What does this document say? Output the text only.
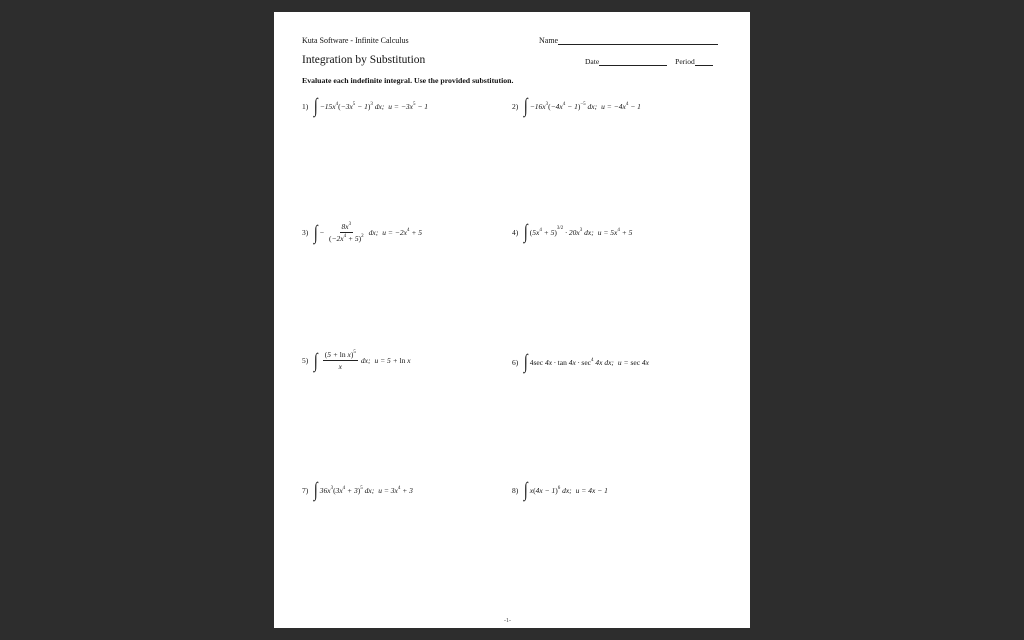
Kuta Software - Infinite Calculus	Name
Integration by Substitution	Date	Period
Evaluate each indefinite integral. Use the provided substitution.
1) ∫ $-15x^4(-3x^5 - 1)^3$ dx; $u = -3x^5 - 1$	2) ∫ $-16x^3(-4x^4 - 1)^{-5}$ dx; $u = -4x^4 - 1$
3) ∫ − $\frac{8x^3}{(-2x^4 + 5)^2}$ dx; $u = -2x^4 + 5$	4) ∫ $(5x^4 + 5)^{3/2} \cdot 20x^3$ dx; $u = 5x^4 + 5$
5) ∫ $\frac{(5 + \ln x)^5}{x}$ dx; u = 5 + ln x	6) ∫ 4sec $4x \cdot \tan 4x \cdot \sec^4 4x$ dx; u = sec 4x
7) ∫ $36x^3(3x^4 + 3)^5$ dx; $u = 3x^4 + 3$	8) ∫ $x(4x - 1)^6$ dx; u = 4x − 1
-1-
